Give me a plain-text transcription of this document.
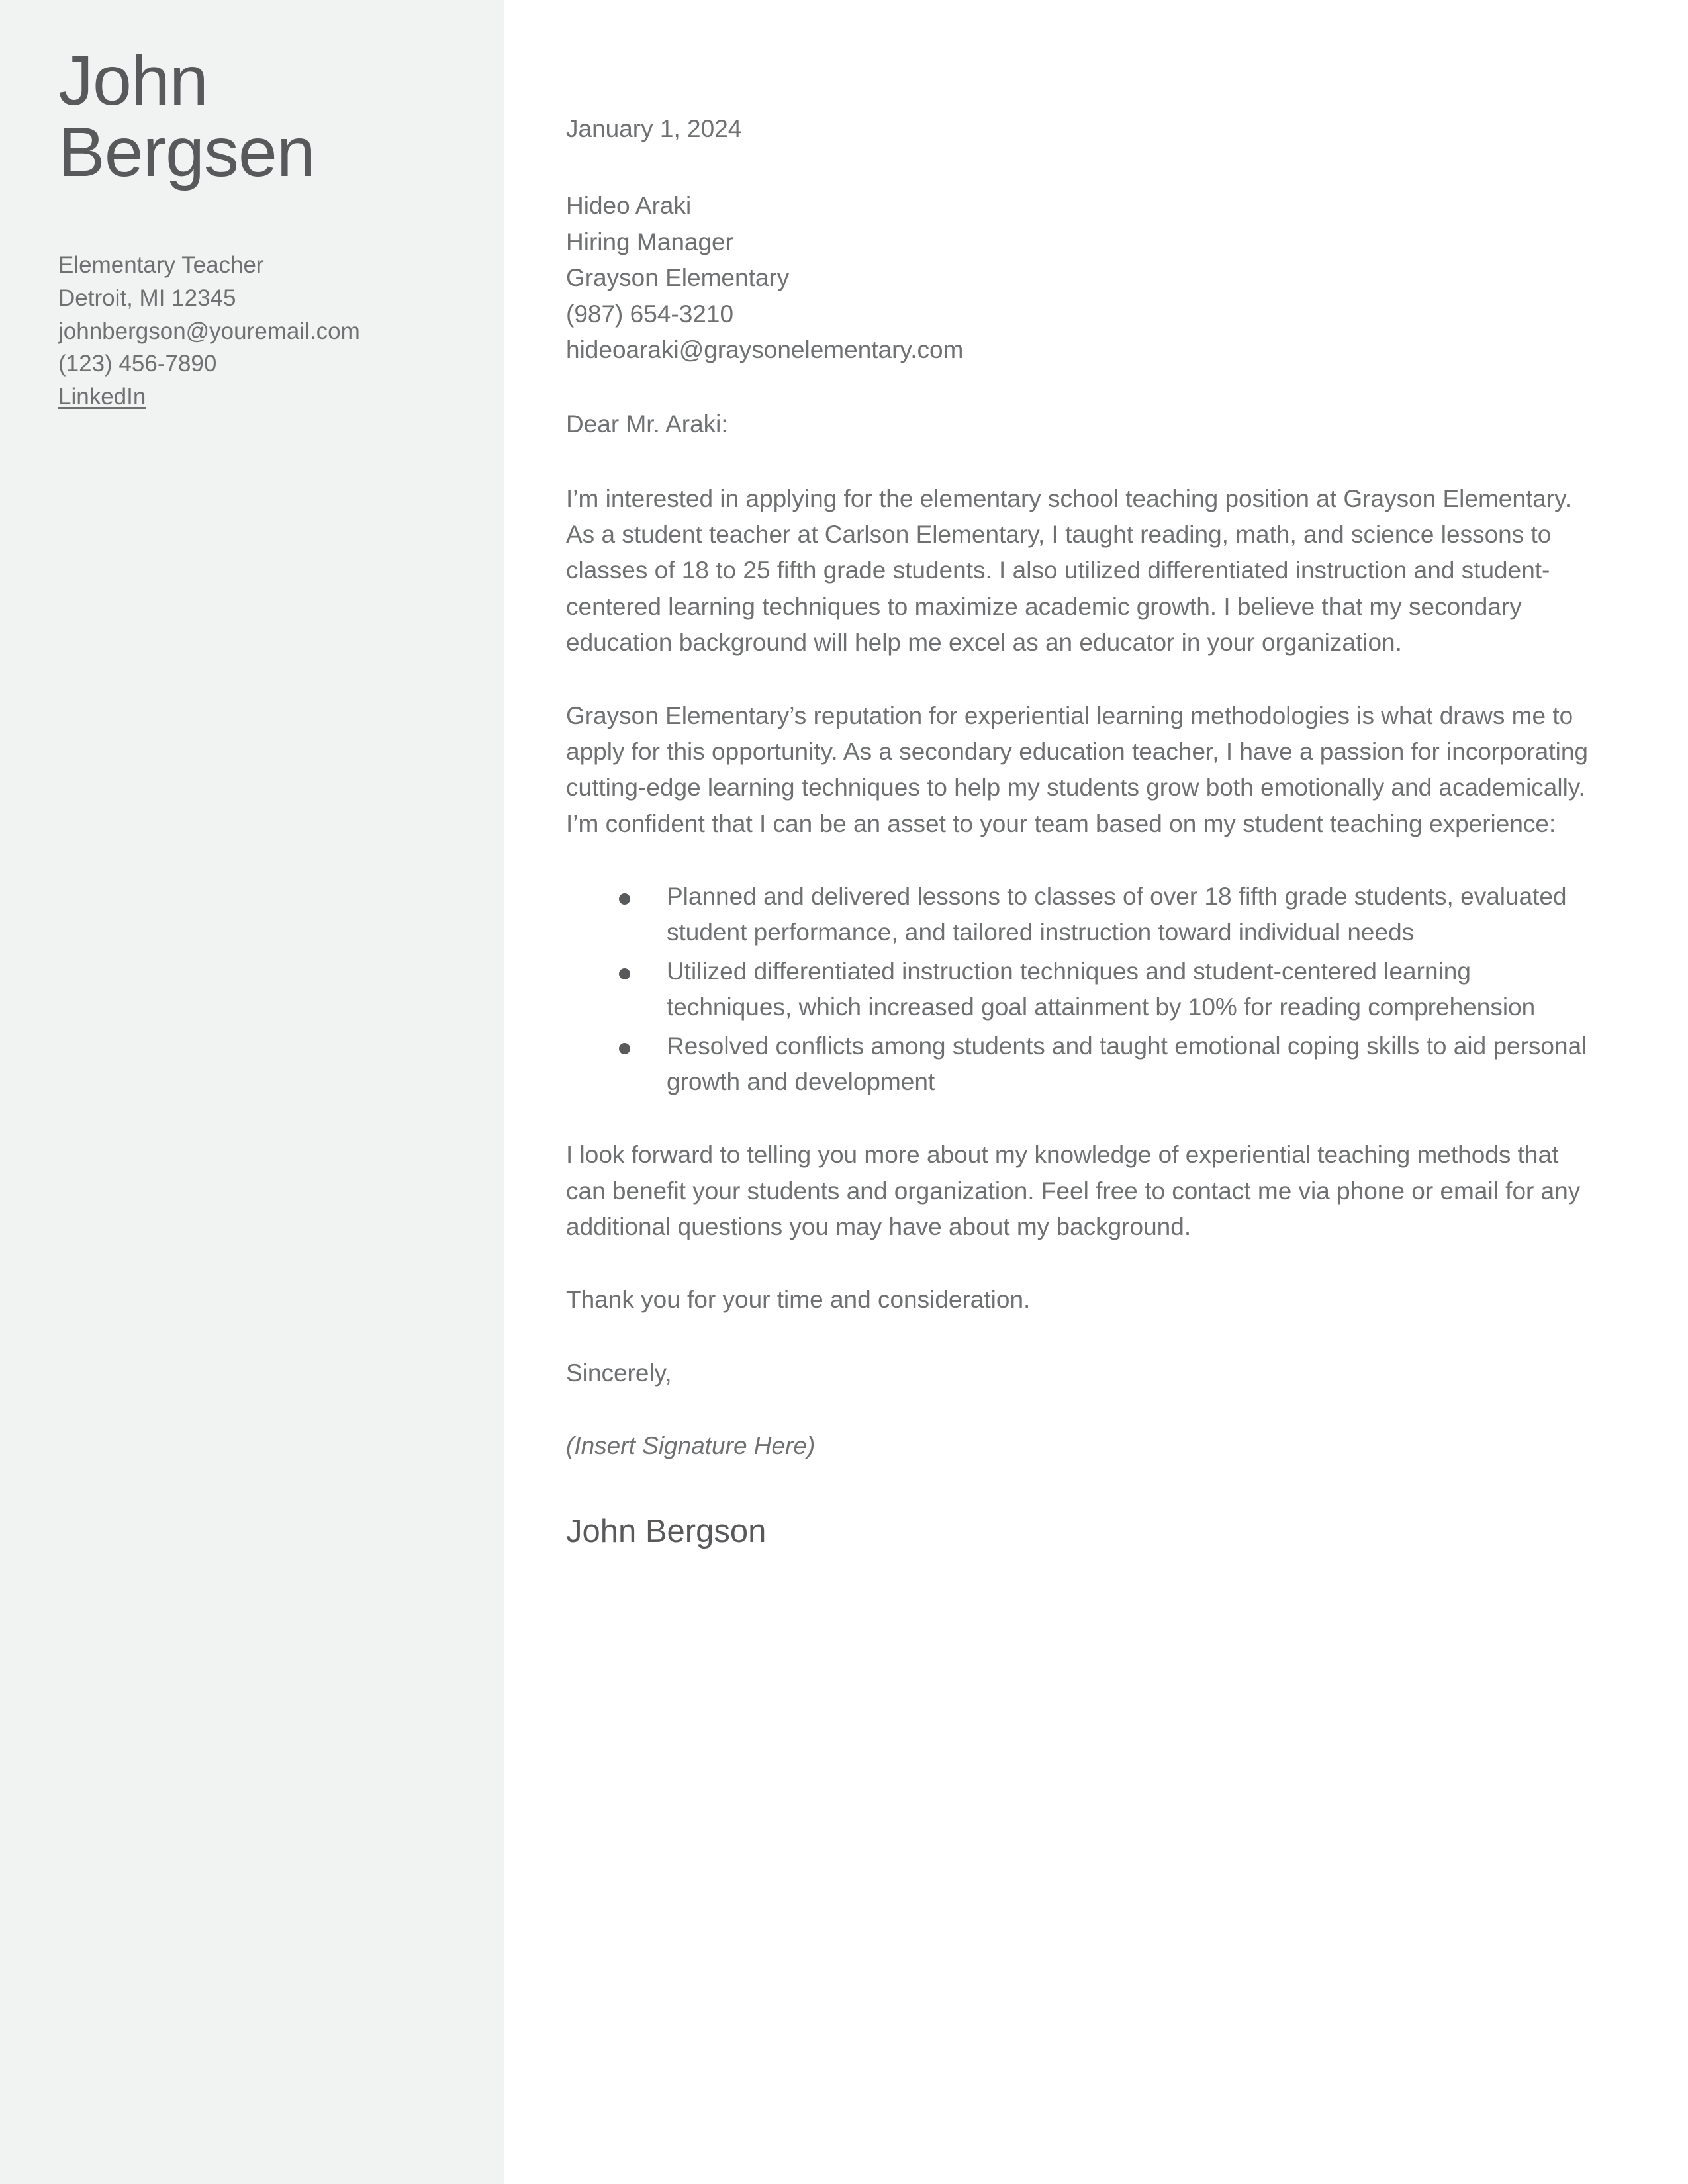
John
Bergsen
Elementary Teacher
Detroit, MI 12345
johnbergson@youremail.com
(123) 456-7890
LinkedIn
January 1, 2024
Hideo Araki
Hiring Manager
Grayson Elementary
(987) 654-3210
hideoaraki@graysonelementary.com
Dear Mr. Araki:

I’m interested in applying for the elementary school teaching position at Grayson Elementary. As a student teacher at Carlson Elementary, I taught reading, math, and science lessons to classes of 18 to 25 fifth grade students. I also utilized differentiated instruction and student-centered learning techniques to maximize academic growth. I believe that my secondary education background will help me excel as an educator in your organization.

Grayson Elementary’s reputation for experiential learning methodologies is what draws me to apply for this opportunity. As a secondary education teacher, I have a passion for incorporating cutting-edge learning techniques to help my students grow both emotionally and academically. I’m confident that I can be an asset to your team based on my student teaching experience:

Planned and delivered lessons to classes of over 18 fifth grade students, evaluated student performance, and tailored instruction toward individual needs
Utilized differentiated instruction techniques and student-centered learning techniques, which increased goal attainment by 10% for reading comprehension
Resolved conflicts among students and taught emotional coping skills to aid personal growth and development

I look forward to telling you more about my knowledge of experiential teaching methods that can benefit your students and organization. Feel free to contact me via phone or email for any additional questions you may have about my background.

Thank you for your time and consideration.
Sincerely,
(Insert Signature Here)
John Bergson
